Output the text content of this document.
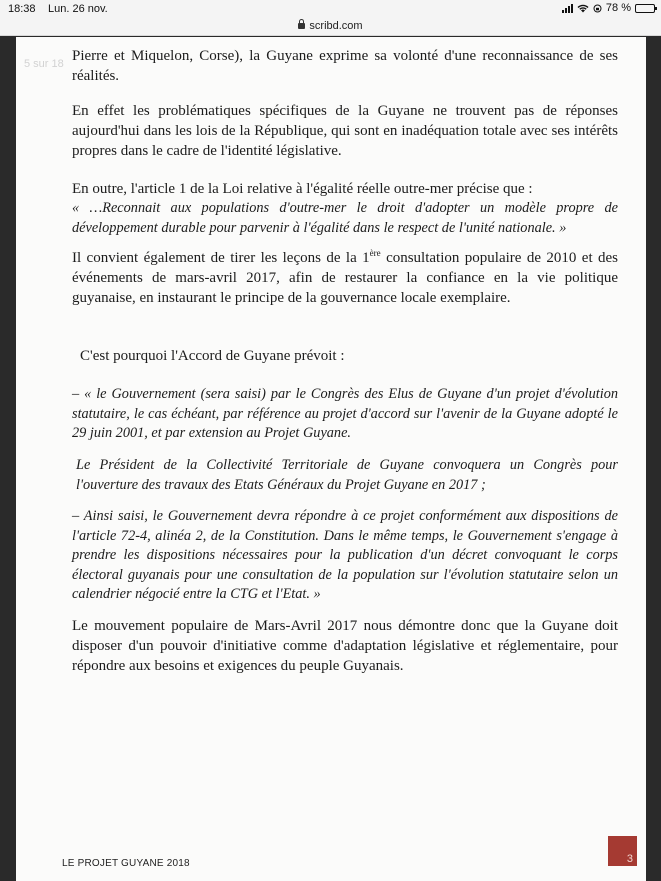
18:38 Lun. 26 nov.	78 %
scribd.com
5 sur 18 Pierre et Miquelon, Corse), la Guyane exprime sa volonté d'une reconnaissance de ses réalités.
En effet les problématiques spécifiques de la Guyane ne trouvent pas de réponses aujourd'hui dans les lois de la République, qui sont en inadéquation totale avec ses intérêts propres dans le cadre de l'identité législative.
En outre, l'article 1 de la Loi relative à l'égalité réelle outre-mer précise que :
« …Reconnait aux populations d'outre-mer le droit d'adopter un modèle propre de développement durable pour parvenir à l'égalité dans le respect de l'unité nationale. »
Il convient également de tirer les leçons de la 1ère consultation populaire de 2010 et des événements de mars-avril 2017, afin de restaurer la confiance en la vie politique guyanaise, en instaurant le principe de la gouvernance locale exemplaire.
C'est pourquoi l'Accord de Guyane prévoit :
– « le Gouvernement (sera saisi) par le Congrès des Elus de Guyane d'un projet d'évolution statutaire, le cas échéant, par référence au projet d'accord sur l'avenir de la Guyane adopté le 29 juin 2001, et par extension au Projet Guyane.
Le Président de la Collectivité Territoriale de Guyane convoquera un Congrès pour l'ouverture des travaux des Etats Généraux du Projet Guyane en 2017 ;
– Ainsi saisi, le Gouvernement devra répondre à ce projet conformément aux dispositions de l'article 72-4, alinéa 2, de la Constitution. Dans le même temps, le Gouvernement s'engage à prendre les dispositions nécessaires pour la publication d'un décret convoquant le corps électoral guyanais pour une consultation de la population sur l'évolution statutaire selon un calendrier négocié entre la CTG et l'Etat. »
Le mouvement populaire de Mars-Avril 2017 nous démontre donc que la Guyane doit disposer d'un pouvoir d'initiative comme d'adaptation législative et réglementaire, pour répondre aux besoins et exigences du peuple Guyanais.
LE PROJET GUYANE 2018	3
